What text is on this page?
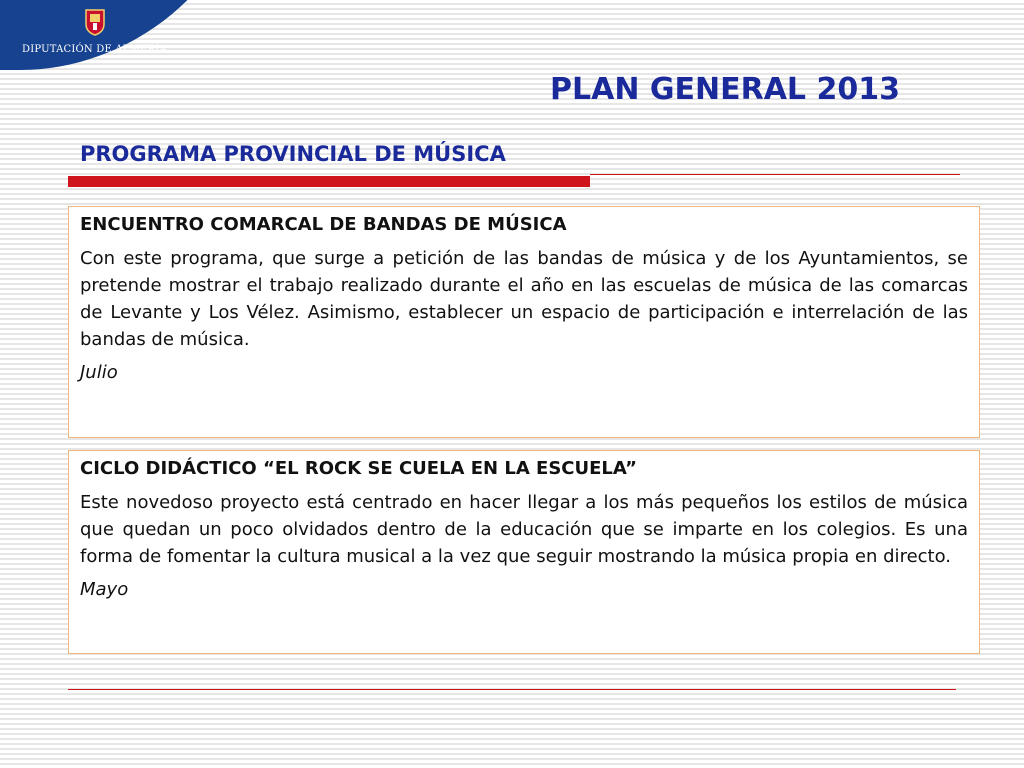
DIPUTACIÓN DE ALMERÍA
PLAN GENERAL 2013
PROGRAMA PROVINCIAL DE MÚSICA
ENCUENTRO COMARCAL DE BANDAS DE MÚSICA

Con este programa, que surge a petición de las bandas de música y de los Ayuntamientos, se pretende mostrar el trabajo realizado durante el año en las escuelas de música de las comarcas de Levante y Los Vélez. Asimismo, establecer un espacio de participación e interrelación de las bandas de música.

Julio

CICLO DIDÁCTICO “EL ROCK SE CUELA EN LA ESCUELA”

Este novedoso proyecto está centrado en hacer llegar a los más pequeños los estilos de música que quedan un poco olvidados dentro de la educación que se imparte en los colegios. Es una forma de fomentar la cultura musical a la vez que seguir mostrando la música propia en directo.

Mayo
